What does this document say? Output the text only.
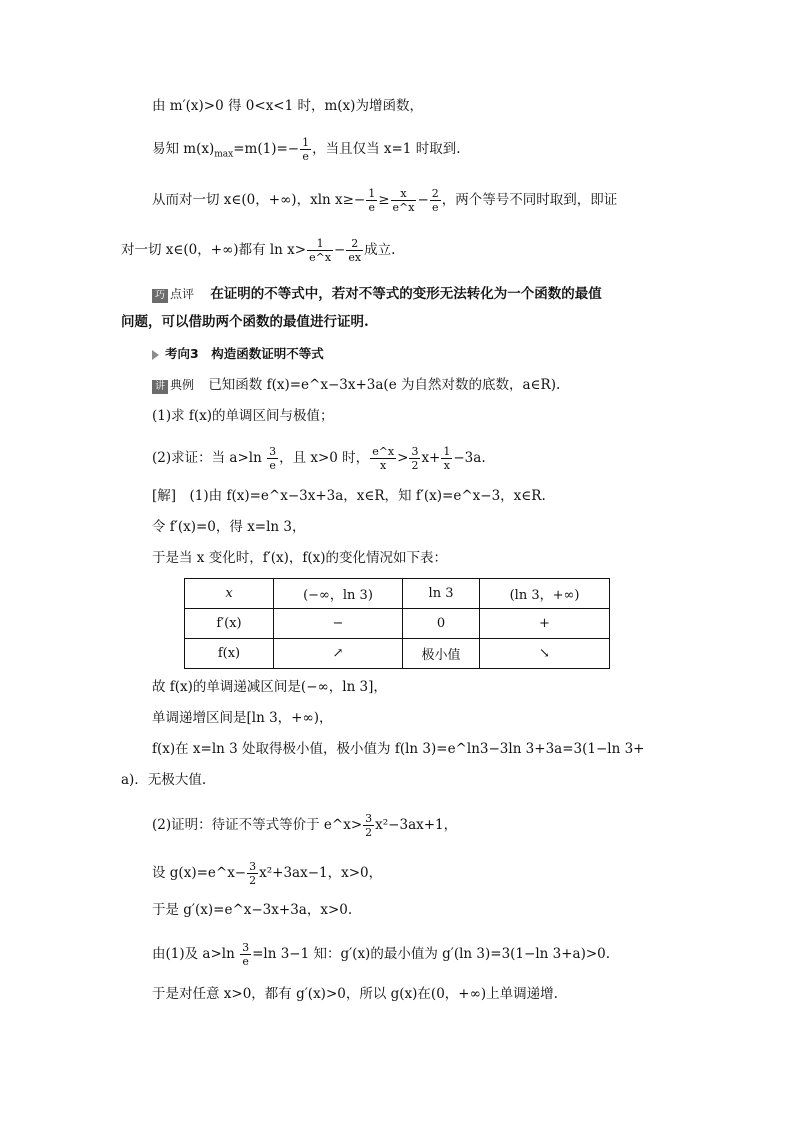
由 m′(x)>0 得 0<x<1 时，m(x)为增函数，
易知 $m(x)_{max}=m(1)=- \frac{1}{e}$ ，当且仅当 x=1 时取到.
从而对一切 x∈(0，+∞)，xln $x\ge- \frac{1}{e} \ge \frac{x}{e\^{}x} - \frac{2}{e}$ ，两个等号不同时取到，即证
对一切 x∈(0，+∞)都有 $\ln x> \frac{1}{e\^{}x} - \frac{2}{ex}$ 成立.
巧 点评 在证明的不等式中，若对不等式的变形无法转化为一个函数的最值
问题，可以借助两个函数的最值进行证明.
考向3　构造函数证明不等式
讲 典例 已知函数 f(x)=e^x−3x+3a(e 为自然对数的底数，a∈R).
(1)求 f(x)的单调区间与极值；
(2)求证：当 $a>\ln \frac{3}{e}$ ，且 x>0 时， $\frac{e\^{}x}{x} > \frac{3}{2} x+ \frac{1}{x} -3a$.
[解]　(1)由 f(x)=e^x−3x+3a，x∈R，知 f′(x)=e^x−3，x∈R.
令 f′(x)=0，得 x=ln 3，
于是当 x 变化时，f′(x)，f(x)的变化情况如下表：
x	(−∞，ln 3)	ln 3	(ln 3，+∞)
f′(x)	−	0	+
f(x)	↗	极小值	↘
故 f(x)的单调递减区间是(−∞，ln 3]，
单调递增区间是[ln 3，+∞)，
f(x)在 x=ln 3 处取得极小值，极小值为 f(ln 3)=e^ln3−3ln 3+3a=3(1−ln 3+
a)．无极大值.
(2)证明：待证不等式等价于 e^x> $\frac{3}{2} x^2-3ax+1$，
设 g(x)=e^x− $\frac{3}{2} x^2+3ax-1$，x>0，
于是 g′(x)=e^x−3x+3a，x>0.
由(1)及 $a>\ln \frac{3}{e} =\ln$ 3−1 知：g′(x)的最小值为 g′(ln 3)=3(1−ln 3+a)>0.
于是对任意 x>0，都有 g′(x)>0，所以 g(x)在(0，+∞)上单调递增.
